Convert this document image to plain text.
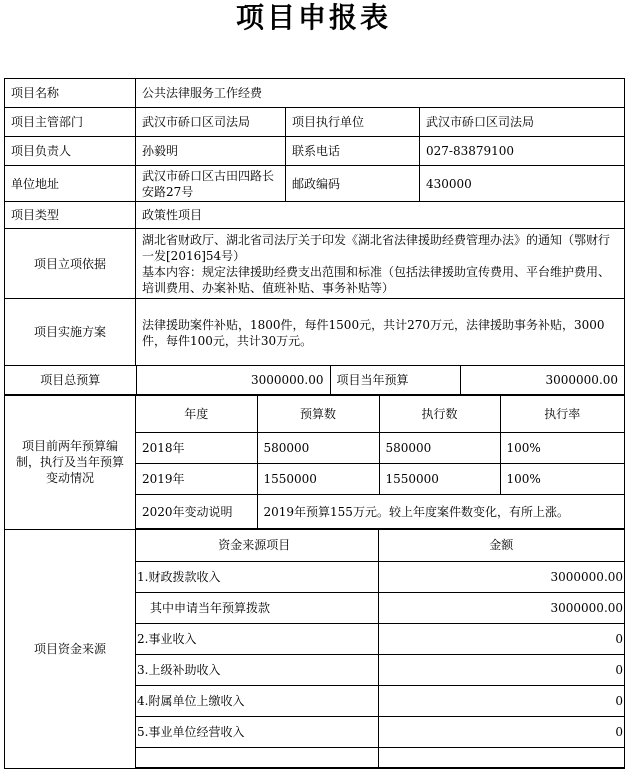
项目申报表
项目名称	公共法律服务工作经费
项目主管部门	武汉市硚口区司法局	项目执行单位	武汉市硚口区司法局
项目负责人	孙毅明	联系电话	027-83879100
单位地址	武汉市硚口区古田四路长安路27号	邮政编码	430000
项目类型	政策性项目
项目立项依据	
湖北省财政厅、湖北省司法厅关于印发《湖北省法律援助经费管理办法》的通知（鄂财行一发[2016]54号）
基本内容：规定法律援助经费支出范围和标准（包括法律援助宣传费用、平台维护费用、培训费用、办案补贴、值班补贴、事务补贴等）

项目实施方案	法律援助案件补贴，1800件，每件1500元，共计270万元，法律援助事务补贴，3000件，每件100元，共计30万元。

项目总预算	3000000.00	项目当年预算	3000000.00

项目前两年预算编制，执行及当年预算变动情况	
年度	预算数	执行数	执行率
2018年	580000	580000	100%
2019年	1550000	1550000	100%
2020年变动说明	2019年预算155万元。较上年度案件数变化，有所上涨。

项目资金来源	
资金来源项目	金额
1.财政拨款收入	3000000.00
其中申请当年预算拨款	3000000.00
2.事业收入	0
3.上级补助收入	0
4.附属单位上缴收入	0
5.事业单位经营收入	0
